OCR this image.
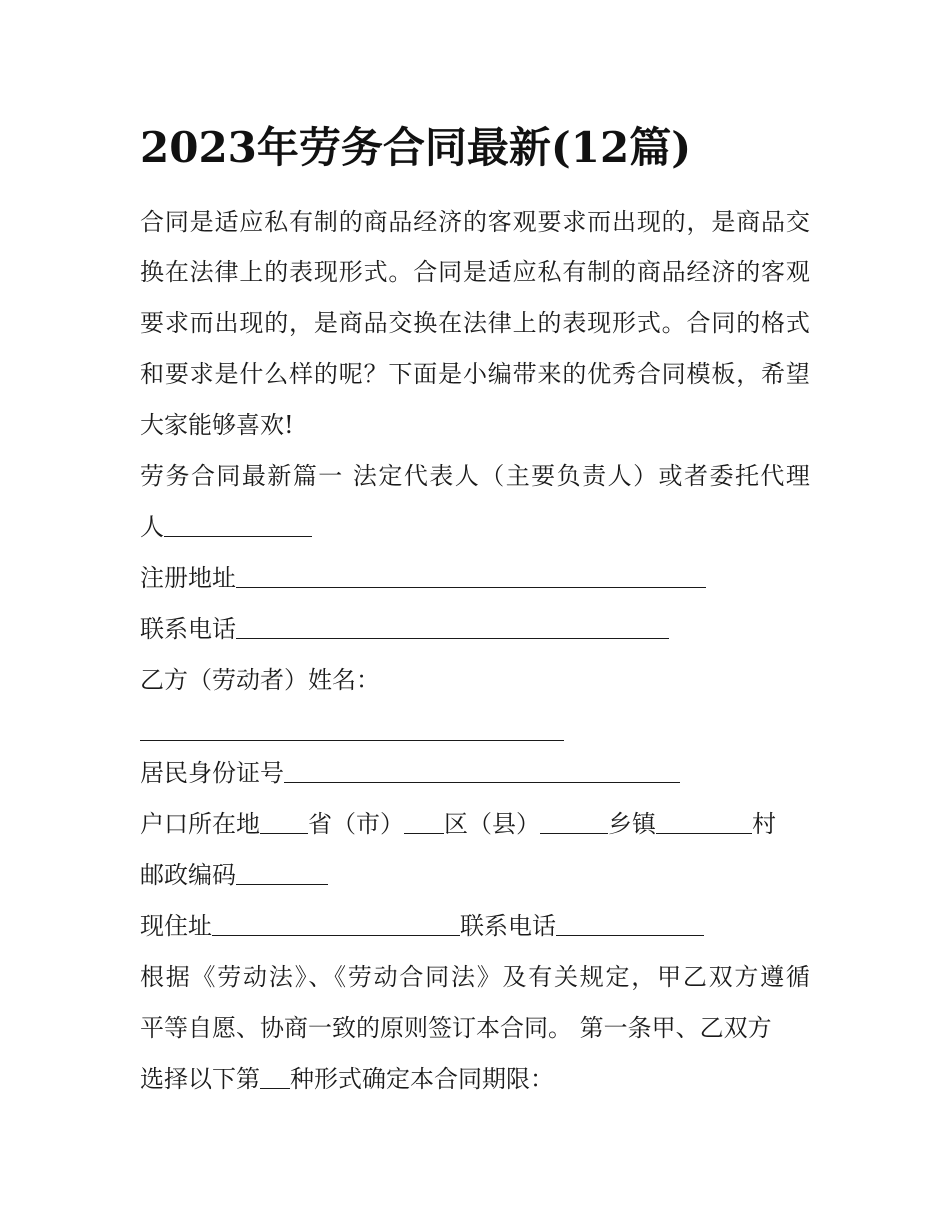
2023年劳务合同最新(12篇)
合同是适应私有制的商品经济的客观要求而出现的，是商品交
换在法律上的表现形式。合同是适应私有制的商品经济的客观
要求而出现的，是商品交换在法律上的表现形式。合同的格式
和要求是什么样的呢？下面是小编带来的优秀合同模板，希望
大家能够喜欢!
劳务合同最新篇一 法定代表人（主要负责人）或者委托代理
人
注册地址
联系电话
乙方（劳动者）姓名：
居民身份证号
户口所在地 省（市） 区（县）	乡镇	村
邮政编码
现住址	联系电话
根据《劳动法》、《劳动合同法》及有关规定，甲乙双方遵循
平等自愿、协商一致的原则签订本合同。 第一条甲、乙双方
选择以下第 种形式确定本合同期限：
